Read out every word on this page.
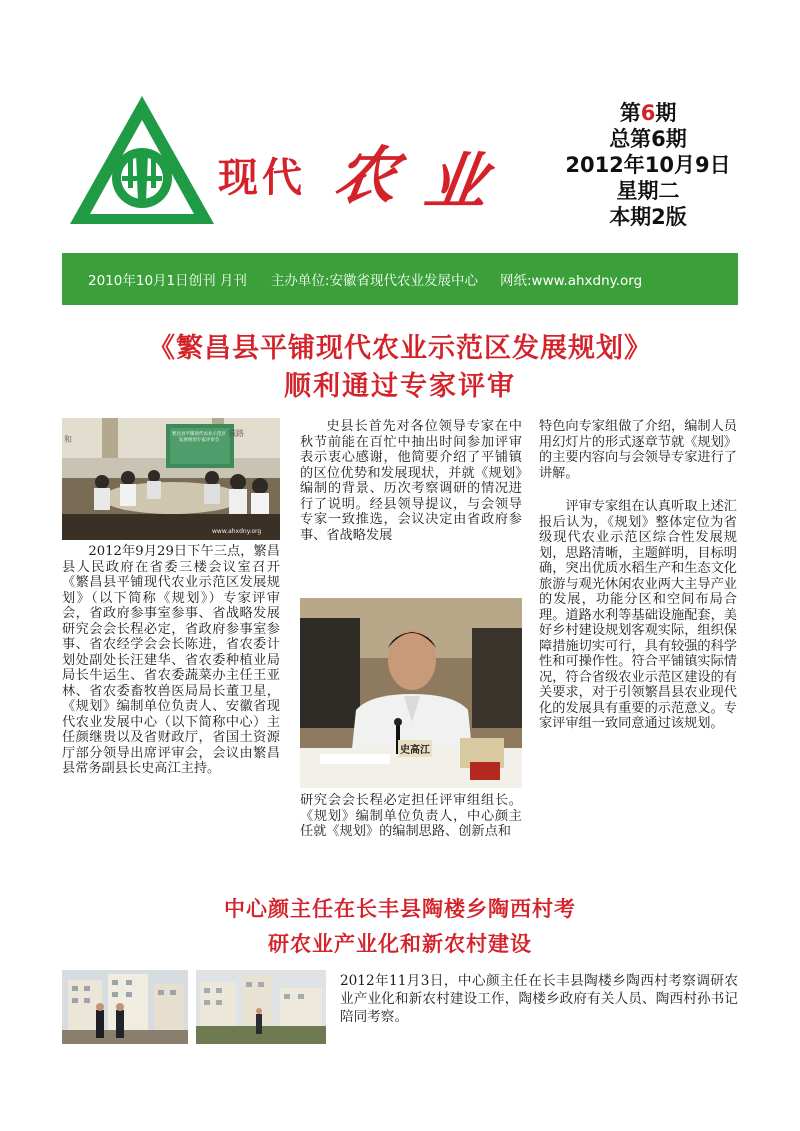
现代 农 业
第6期
总第6期
2012年10月9日
星期二
本期2版
2010年10月1日创刊 月刊 主办单位:安徽省现代农业发展中心 网纸:www.ahxdny.org
《繁昌县平铺现代农业示范区发展规划》
顺利通过专家评审
和
城路
繁昌县平铺现代农业示范区发展规划专家评审会
www.ahxdny.org

2012年9月29日下午三点，繁昌县人民政府在省委三楼会议室召开《繁昌县平铺现代农业示范区发展规划》（以下简称《规划》）专家评审会，省政府参事室参事、省战略发展研究会会长程必定，省政府参事室参事、省农经学会会长陈进，省农委计划处副处长汪建华、省农委种植业局局长牛运生、省农委蔬菜办主任王亚林、省农委畜牧兽医局局长董卫星，《规划》编制单位负责人、安徽省现代农业发展中心（以下简称中心）主任颜继贵以及省财政厅，省国土资源厅部分领导出席评审会，会议由繁昌县常务副县长史高江主持。

史县长首先对各位领导专家在中秋节前能在百忙中抽出时间参加评审表示衷心感谢，他简要介绍了平铺镇的区位优势和发展现状，并就《规划》编制的背景、历次考察调研的情况进行了说明。经县领导提议，与会领导专家一致推选，会议决定由省政府参事、省战略发展

史高江

研究会会长程必定担任评审组组长。《规划》编制单位负责人，中心颜主任就《规划》的编制思路、创新点和

特色向专家组做了介绍，编制人员用幻灯片的形式逐章节就《规划》的主要内容向与会领导专家进行了讲解。

评审专家组在认真听取上述汇报后认为，《规划》整体定位为省级现代农业示范区综合性发展规划，思路清晰，主题鲜明，目标明确，突出优质水稻生产和生态文化旅游与观光休闲农业两大主导产业的发展，功能分区和空间布局合理。道路水利等基础设施配套，美好乡村建设规划客观实际，组织保障措施切实可行，具有较强的科学性和可操作性。符合平铺镇实际情况，符合省级农业示范区建设的有关要求，对于引领繁昌县农业现代化的发展具有重要的示范意义。专家评审组一致同意通过该规划。

中心颜主任在长丰县陶楼乡陶西村考
研农业产业化和新农村建设

2012年11月3日，中心颜主任在长丰县陶楼乡陶西村考察调研农业产业化和新农村建设工作，陶楼乡政府有关人员、陶西村孙书记陪同考察。
